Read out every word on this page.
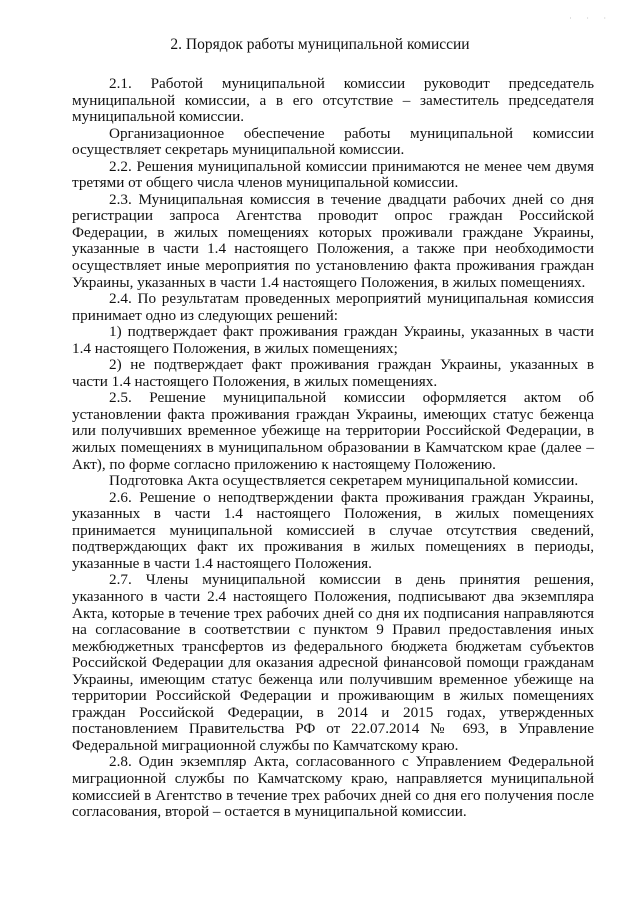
· · ·
2. Порядок работы муниципальной комиссии

2.1. Работой муниципальной комиссии руководит председатель муниципальной комиссии, а в его отсутствие – заместитель председателя муниципальной комиссии.

Организационное обеспечение работы муниципальной комиссии осуществляет секретарь муниципальной комиссии.

2.2. Решения муниципальной комиссии принимаются не менее чем двумя третями от общего числа членов муниципальной комиссии.

2.3. Муниципальная комиссия в течение двадцати рабочих дней со дня регистрации запроса Агентства проводит опрос граждан Российской Федерации, в жилых помещениях которых проживали граждане Украины, указанные в части 1.4 настоящего Положения, а также при необходимости осуществляет иные мероприятия по установлению факта проживания граждан Украины, указанных в части 1.4 настоящего Положения, в жилых помещениях.

2.4. По результатам проведенных мероприятий муниципальная комиссия принимает одно из следующих решений:

1) подтверждает факт проживания граждан Украины, указанных в части 1.4 настоящего Положения, в жилых помещениях;

2) не подтверждает факт проживания граждан Украины, указанных в части 1.4 настоящего Положения, в жилых помещениях.

2.5. Решение муниципальной комиссии оформляется актом об установлении факта проживания граждан Украины, имеющих статус беженца или получивших временное убежище на территории Российской Федерации, в жилых помещениях в муниципальном образовании в Камчатском крае (далее – Акт), по форме согласно приложению к настоящему Положению.

Подготовка Акта осуществляется секретарем муниципальной комиссии.

2.6. Решение о неподтверждении факта проживания граждан Украины, указанных в части 1.4 настоящего Положения, в жилых помещениях принимается муниципальной комиссией в случае отсутствия сведений, подтверждающих факт их проживания в жилых помещениях в периоды, указанные в части 1.4 настоящего Положения.

2.7. Члены муниципальной комиссии в день принятия решения, указанного в части 2.4 настоящего Положения, подписывают два экземпляра Акта, которые в течение трех рабочих дней со дня их подписания направляются на согласование в соответствии с пунктом 9 Правил предоставления иных межбюджетных трансфертов из федерального бюджета бюджетам субъектов Российской Федерации для оказания адресной финансовой помощи гражданам Украины, имеющим статус беженца или получившим временное убежище на территории Российской Федерации и проживающим в жилых помещениях граждан Российской Федерации, в 2014 и 2015 годах, утвержденных постановлением Правительства РФ от 22.07.2014 № 693, в Управление Федеральной миграционной службы по Камчатскому краю.

2.8. Один экземпляр Акта, согласованного с Управлением Федеральной миграционной службы по Камчатскому краю, направляется муниципальной комиссией в Агентство в течение трех рабочих дней со дня его получения после согласования, второй – остается в муниципальной комиссии.
